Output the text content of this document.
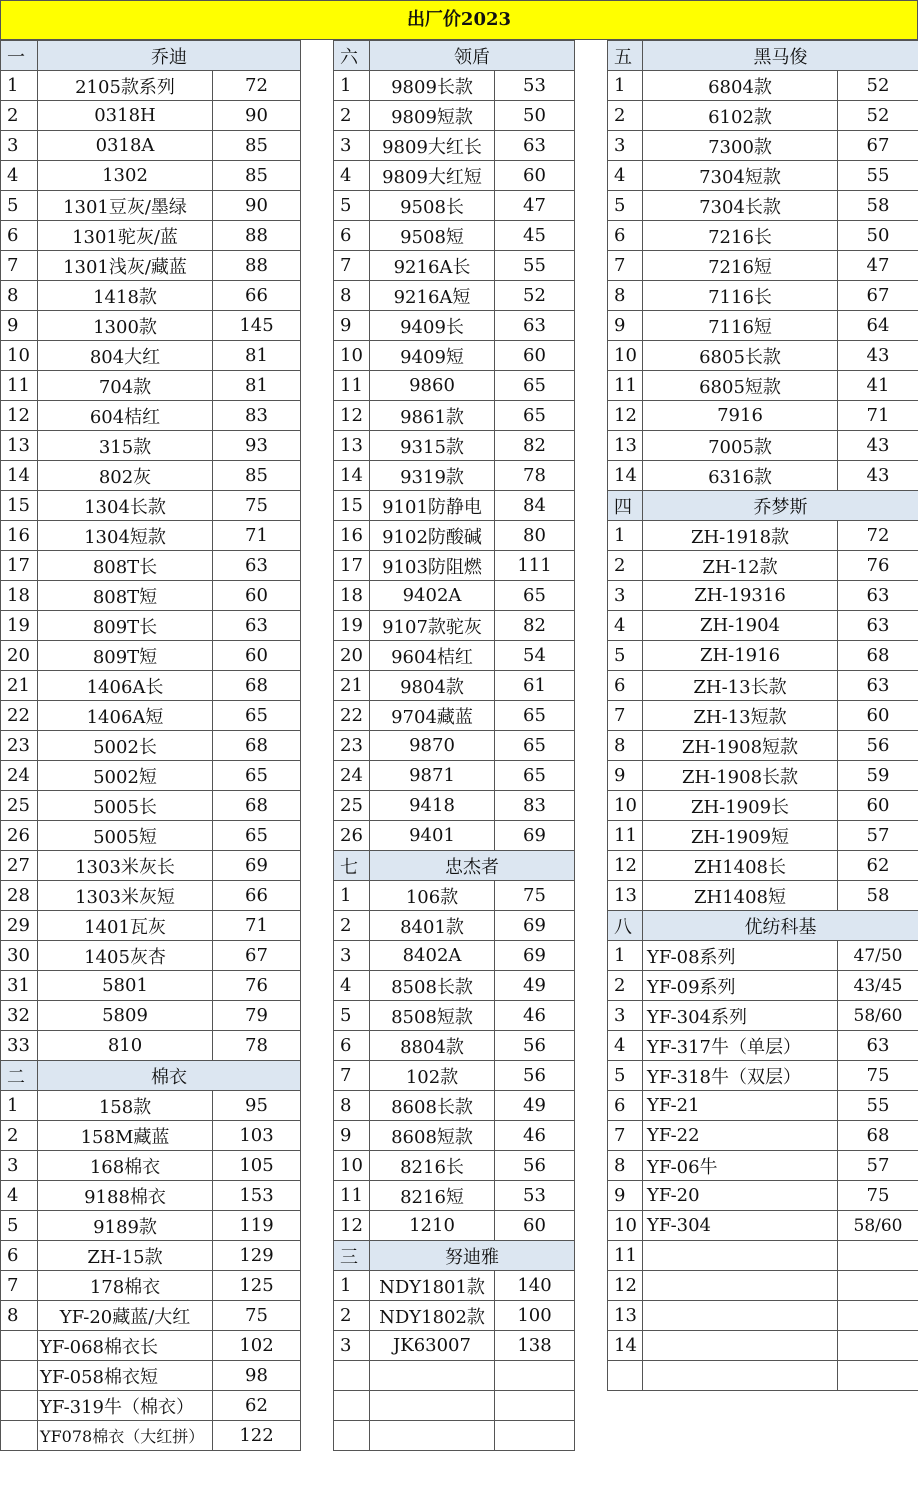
出厂价2023
一	乔迪	
1	2105款系列	72
2	0318H	90
3	0318A	85
4	1302	85
5	1301豆灰/墨绿	90
6	1301驼灰/蓝	88
7	1301浅灰/藏蓝	88
8	1418款	66
9	1300款	145
10	804大红	81
11	704款	81
12	604桔红	83
13	315款	93
14	802灰	85
15	1304长款	75
16	1304短款	71
17	808T长	63
18	808T短	60
19	809T长	63
20	809T短	60
21	1406A长	68
22	1406A短	65
23	5002长	68
24	5002短	65
25	5005长	68
26	5005短	65
27	1303米灰长	69
28	1303米灰短	66
29	1401瓦灰	71
30	1405灰杏	67
31	5801	76
32	5809	79
33	810	78
二	棉衣	
1	158款	95
2	158M藏蓝	103
3	168棉衣	105
4	9188棉衣	153
5	9189款	119
6	ZH-15款	129
7	178棉衣	125
8	YF-20藏蓝/大红	75
	YF-068棉衣长	102
	YF-058棉衣短	98
	YF-319牛（棉衣）	62
	YF078棉衣（大红拼）	122
六	领盾	
1	9809长款	53
2	9809短款	50
3	9809大红长	63
4	9809大红短	60
5	9508长	47
6	9508短	45
7	9216A长	55
8	9216A短	52
9	9409长	63
10	9409短	60
11	9860	65
12	9861款	65
13	9315款	82
14	9319款	78
15	9101防静电	84
16	9102防酸碱	80
17	9103防阻燃	111
18	9402A	65
19	9107款驼灰	82
20	9604桔红	54
21	9804款	61
22	9704藏蓝	65
23	9870	65
24	9871	65
25	9418	83
26	9401	69
七	忠杰者	
1	106款	75
2	8401款	69
3	8402A	69
4	8508长款	49
5	8508短款	46
6	8804款	56
7	102款	56
8	8608长款	49
9	8608短款	46
10	8216长	56
11	8216短	53
12	1210	60
三	努迪雅	
1	NDY1801款	140
2	NDY1802款	100
3	JK63007	138

五	黑马俊	
1	6804款	52
2	6102款	52
3	7300款	67
4	7304短款	55
5	7304长款	58
6	7216长	50
7	7216短	47
8	7116长	67
9	7116短	64
10	6805长款	43
11	6805短款	41
12	7916	71
13	7005款	43
14	6316款	43
四	乔梦斯	
1	ZH-1918款	72
2	ZH-12款	76
3	ZH-19316	63
4	ZH-1904	63
5	ZH-1916	68
6	ZH-13长款	63
7	ZH-13短款	60
8	ZH-1908短款	56
9	ZH-1908长款	59
10	ZH-1909长	60
11	ZH-1909短	57
12	ZH1408长	62
13	ZH1408短	58
八	优纺科基	
1	YF-08系列	47/50
2	YF-09系列	43/45
3	YF-304系列	58/60
4	YF-317牛（单层）	63
5	YF-318牛（双层）	75
6	YF-21	55
7	YF-22	68
8	YF-06牛	57
9	YF-20	75
10	YF-304	58/60
11		
12		
13		
14		
